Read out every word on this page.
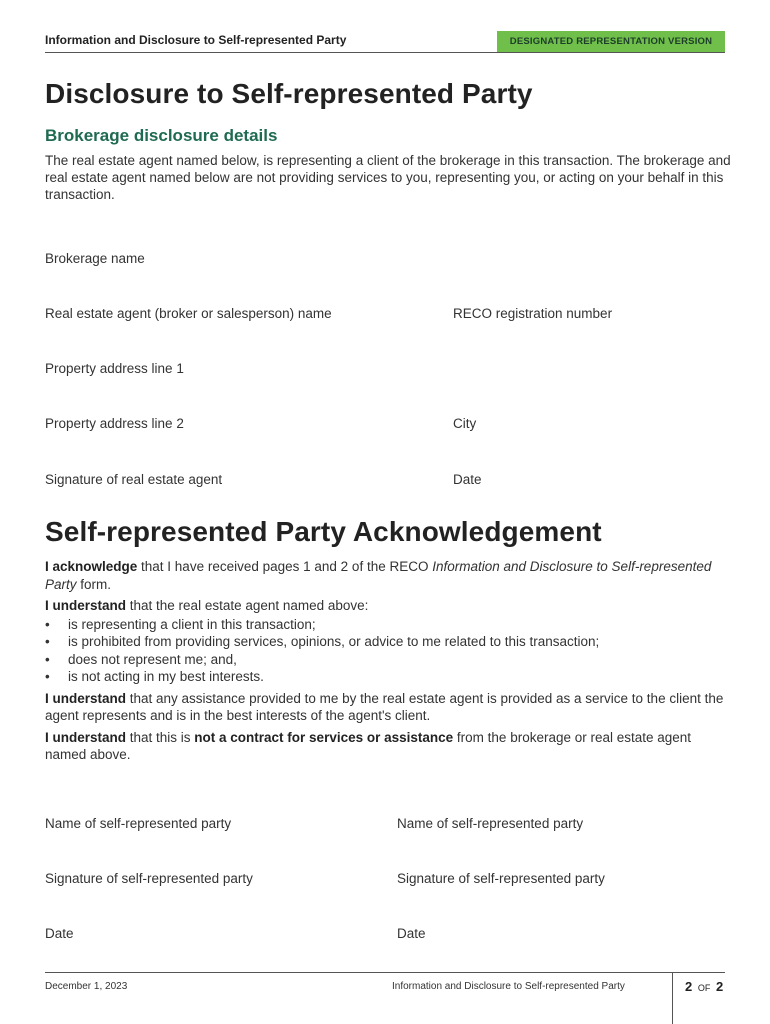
Information and Disclosure to Self-represented Party	DESIGNATED REPRESENTATION VERSION
Disclosure to Self-represented Party
Brokerage disclosure details
The real estate agent named below, is representing a client of the brokerage in this transaction. The brokerage and real estate agent named below are not providing services to you, representing you, or acting on your behalf in this transaction.
Brokerage name
Real estate agent (broker or salesperson) name	RECO registration number
Property address line 1
Property address line 2	City
Signature of real estate agent	Date
Self-represented Party Acknowledgement

I acknowledge that I have received pages 1 and 2 of the RECO Information and Disclosure to Self-represented Party form.

I understand that the real estate agent named above:

• is representing a client in this transaction;
• is prohibited from providing services, opinions, or advice to me related to this transaction;
• does not represent me; and,
• is not acting in my best interests.

I understand that any assistance provided to me by the real estate agent is provided as a service to the client the agent represents and is in the best interests of the agent's client.

I understand that this is not a contract for services or assistance from the brokerage or real estate agent named above.

Name of self-represented party	Name of self-represented party
Signature of self-represented party	Signature of self-represented party
Date	Date
December 1, 2023	Information and Disclosure to Self-represented Party	2 OF 2
